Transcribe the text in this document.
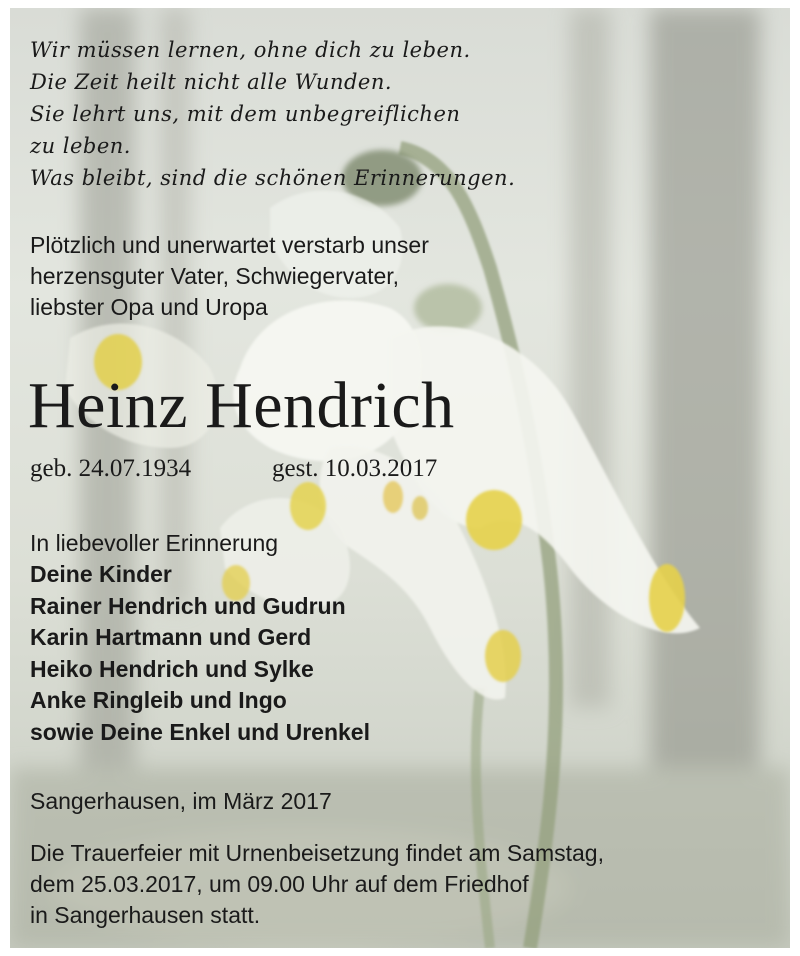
Wir müssen lernen, ohne dich zu leben.
Die Zeit heilt nicht alle Wunden.
Sie lehrt uns, mit dem unbegreiflichen
zu leben.
Was bleibt, sind die schönen Erinnerungen.
Plötzlich und unerwartet verstarb unser
herzensguter Vater, Schwiegervater,
liebster Opa und Uropa
Heinz Hendrich
geb. 24.07.1934	gest. 10.03.2017
In liebevoller Erinnerung
Deine Kinder
Rainer Hendrich und Gudrun
Karin Hartmann und Gerd
Heiko Hendrich und Sylke
Anke Ringleib und Ingo
sowie Deine Enkel und Urenkel
Sangerhausen, im März 2017
Die Trauerfeier mit Urnenbeisetzung findet am Samstag,
dem 25.03.2017, um 09.00 Uhr auf dem Friedhof
in Sangerhausen statt.
